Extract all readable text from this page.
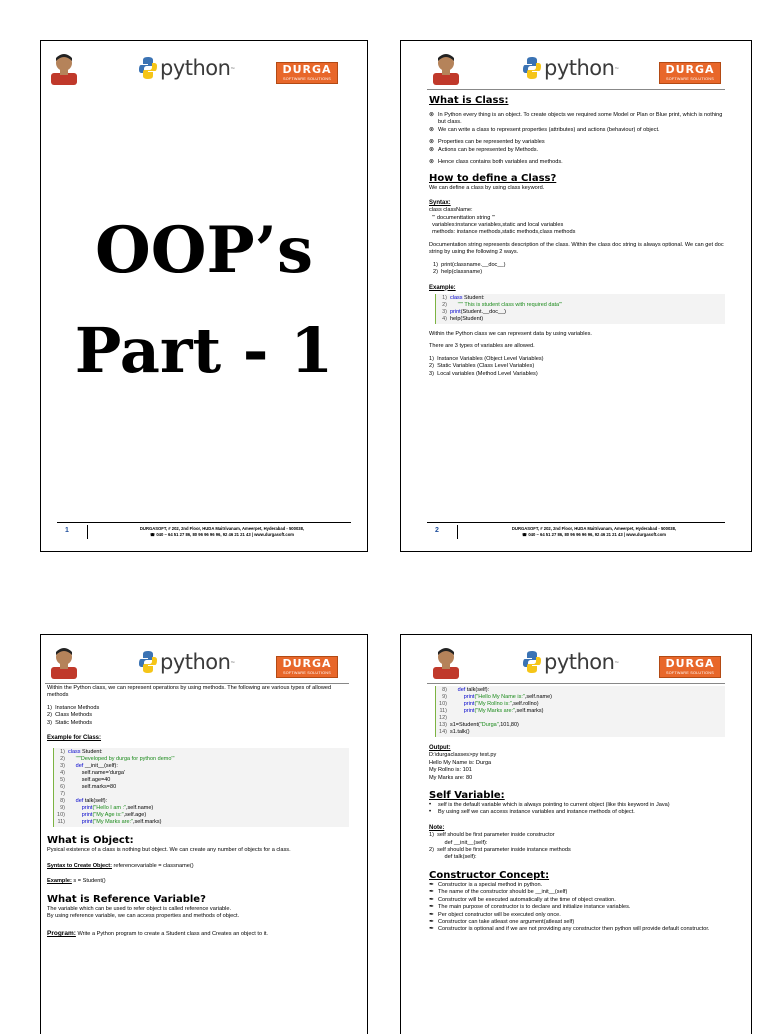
python ™	DURGA
SOFTWARE SOLUTIONS
OOP’s
Part - 1
1	DURGASOFT, # 202, 2nd Floor, HUDA Maitrivanam, Ameerpet, Hyderabad - 500038,
☎ 040 – 64 51 27 86, 80 96 96 96 96, 92 46 21 21 43 | www.durgasoft.com
python ™	DURGA
SOFTWARE SOLUTIONS
What is Class:
⊗ In Python every thing is an object. To create objects we required some Model or Plan or Blue print, which is nothing but class.
⊗ We can write a class to represent properties (attributes) and actions (behaviour) of object.
⊗ Properties can be represented by variables
⊗ Actions can be represented by Methods.
⊗ Hence class contains both variables and methods.
How to define a Class?
We can define a class by using class keyword.
Syntax:
class className:
''' documenttation string '''
variables:instance variables,static and local variables
methods: instance methods,static methods,class methods
Documentation string represents description of the class. Within the class doc string is always optional. We can get doc string by using the following 2 ways.
1)  print(classname.__doc__)
2)  help(classname)
Example:
1) class Student:
2) ''''' This is student class with required data'''
3) print (Student.__doc__)
4) help(Student)
Within the Python class we can represent data by using variables.
There are 3 types of variables are allowed.
1)  Instance Variables (Object Level Variables)
2)  Static Variables (Class Level Variables)
3)  Local variables (Method Level Variables)
2	DURGASOFT, # 202, 2nd Floor, HUDA Maitrivanam, Ameerpet, Hyderabad - 500038,
☎ 040 – 64 51 27 86, 80 96 96 96 96, 92 46 21 21 43 | www.durgasoft.com
python ™	DURGA
SOFTWARE SOLUTIONS
Within the Python class, we can represent operations by using methods. The following are various types of allowed methods
1)  Instance Methods
2)  Class Methods
3)  Static Methods
Example for Class:
1) class Student:
2) '''''Developed by durga for python demo'''
3) def __init__(self):
4) self.name='durga'
5) self.age=40
6) self.marks=80
7)
8) def talk(self):
9) print ("Hello I am :" ,self.name)
10) print ("My Age is:" ,self.age)
11) print ("My Marks are:" ,self.marks)
What is Object:
Pysical existence of a class is nothing but object. We can create any number of objects for a class.
Syntax to Create Object: referencevariable = classname()
Example: s = Student()
What is Reference Variable?
The variable which can be used to refer object is called reference variable.
By using reference variable, we can access properties and methods of object.
Program: Write a Python program to create a Student class and Creates an object to it.
python ™	DURGA
SOFTWARE SOLUTIONS
8) def talk(self):
9) print ("Hello My Name is:" ,self.name)
10) print ("My Rollno is:" ,self.rollno)
11) print ("My Marks are:" ,self.marks)
12)
13) s1=Student( "Durga" ,101,80)
14) s1.talk()
Output:
D:\durgaclasses>py test.py
Hello My Name is: Durga
My Rollno is: 101
My Marks are: 80
Self Variable:
•	self is the default variable which is always pointing to current object (like this keyword in Java)
•	By using self we can access instance variables and instance methods of object.
Note:
1)  self should be first parameter inside constructor
def __init__(self):
2)  self should be first parameter inside instance methods
def talk(self):
Constructor Concept:
✒ Constructor is a special method in python.
✒ The name of the constructor should be __init__(self)
✒ Constructor will be executed automatically at the time of object creation.
✒ The main purpose of constructor is to declare and initialize instance variables.
✒ Per object constructor will be executed only once.
✒ Constructor can take atleast one argument(atleast self)
✒ Constructor is optional and if we are not providing any constructor then python will provide default constructor.
